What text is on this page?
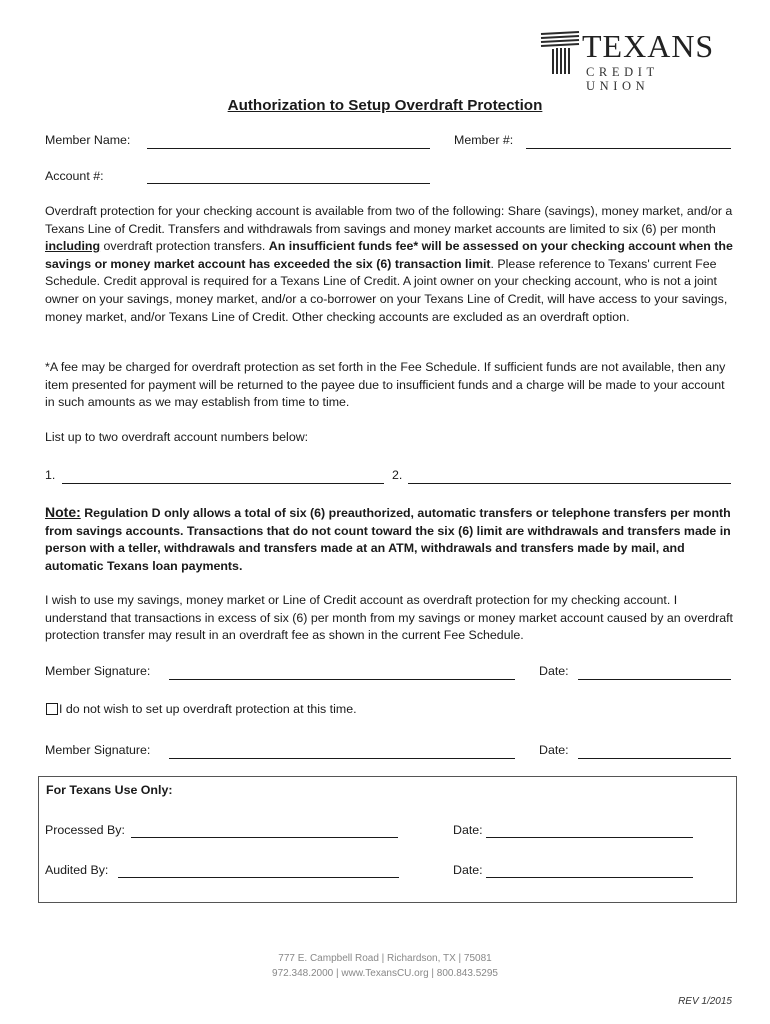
TEXANS
CREDIT UNION
Authorization to Setup Overdraft Protection
Member Name:	Member #:
Account #:

Overdraft protection for your checking account is available from two of the following: Share (savings), money market, and/or a Texans Line of Credit. Transfers and withdrawals from savings and money market accounts are limited to six (6) per month including overdraft protection transfers. An insufficient funds fee* will be assessed on your checking account when the savings or money market account has exceeded the six (6) transaction limit. Please reference to Texans' current Fee Schedule. Credit approval is required for a Texans Line of Credit. A joint owner on your checking account, who is not a joint owner on your savings, money market, and/or a co-borrower on your Texans Line of Credit, will have access to your savings, money market, and/or Texans Line of Credit. Other checking accounts are excluded as an overdraft option.

*A fee may be charged for overdraft protection as set forth in the Fee Schedule. If sufficient funds are not available, then any item presented for payment will be returned to the payee due to insufficient funds and a charge will be made to your account in such amounts as we may establish from time to time.

List up to two overdraft account numbers below:
1.	2.

Note: Regulation D only allows a total of six (6) preauthorized, automatic transfers or telephone transfers per month from savings accounts. Transactions that do not count toward the six (6) limit are withdrawals and transfers made in person with a teller, withdrawals and transfers made at an ATM, withdrawals and transfers made by mail, and automatic Texans loan payments.

I wish to use my savings, money market or Line of Credit account as overdraft protection for my checking account. I understand that transactions in excess of six (6) per month from my savings or money market account caused by an overdraft protection transfer may result in an overdraft fee as shown in the current Fee Schedule.

Member Signature:	Date:
I do not wish to set up overdraft protection at this time.
Member Signature:	Date:
For Texans Use Only:
Processed By:	Date:
Audited By:	Date:
777 E. Campbell Road | Richardson, TX | 75081
972.348.2000 | www.TexansCU.org | 800.843.5295
REV 1/2015
